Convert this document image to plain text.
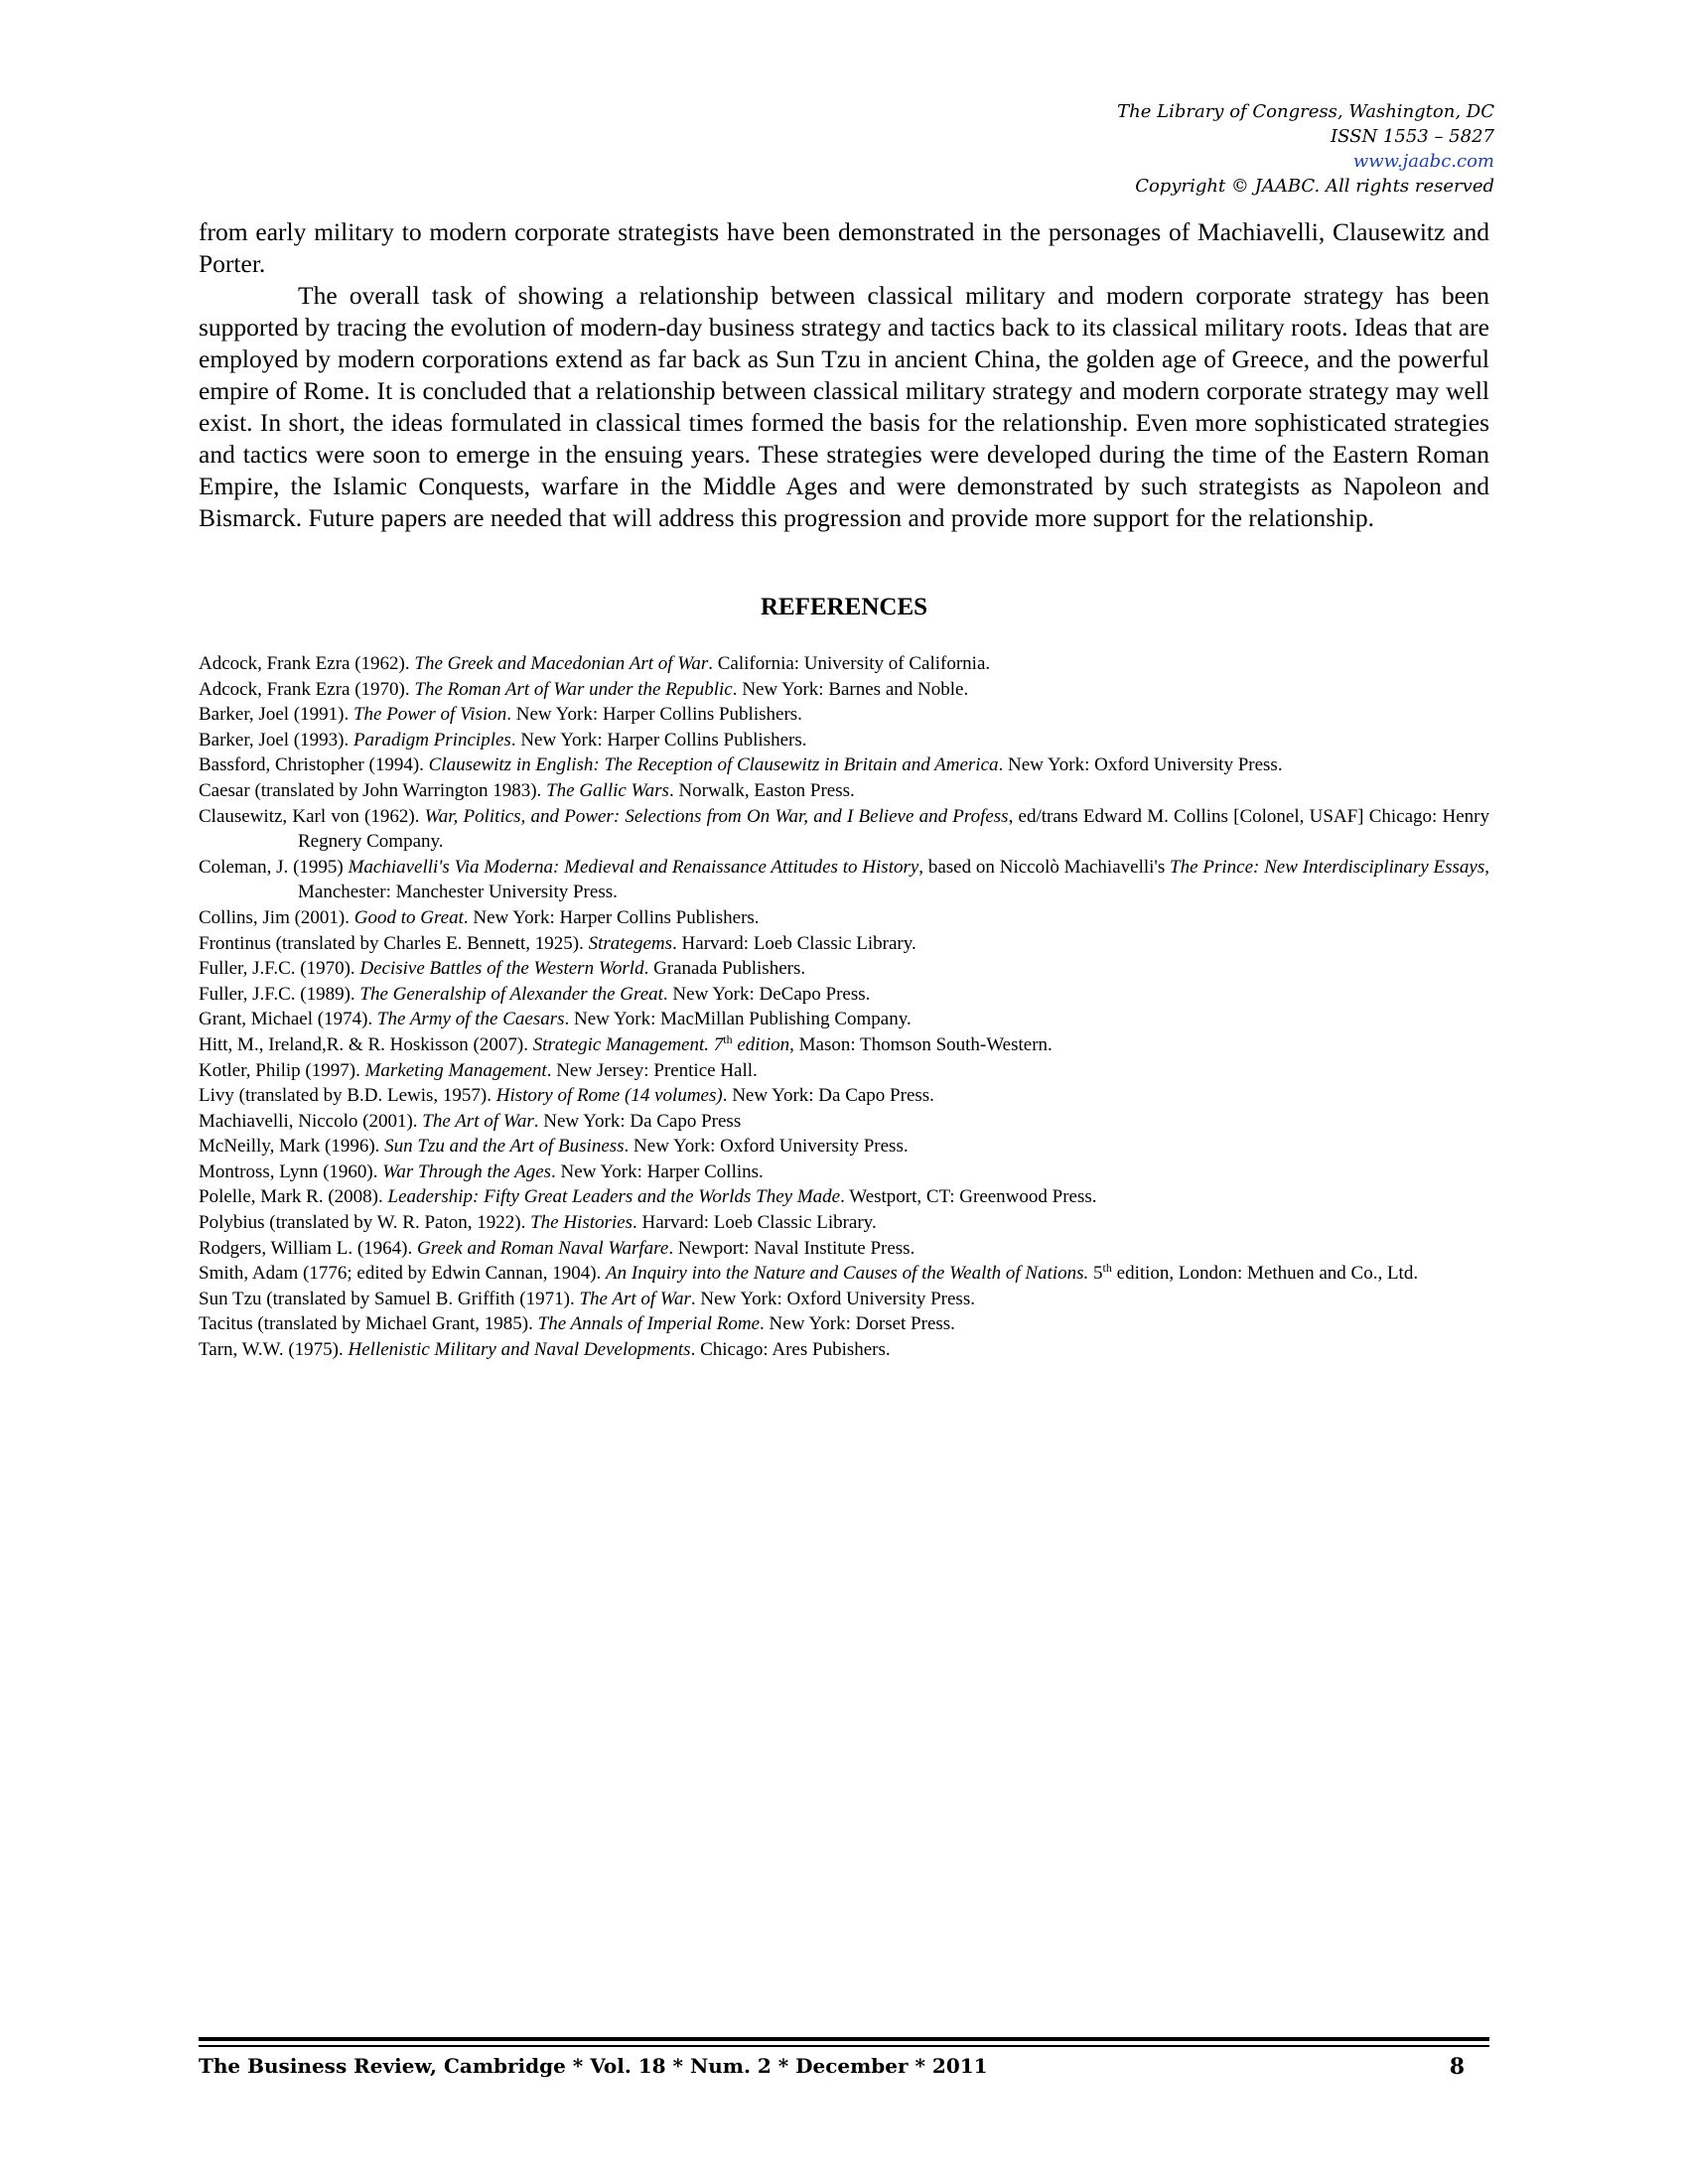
The Library of Congress, Washington, DC
ISSN 1553 – 5827
www.jaabc.com
Copyright © JAABC. All rights reserved

from early military to modern corporate strategists have been demonstrated in the personages of Machiavelli, Clausewitz and Porter.

The overall task of showing a relationship between classical military and modern corporate strategy has been supported by tracing the evolution of modern-day business strategy and tactics back to its classical military roots. Ideas that are employed by modern corporations extend as far back as Sun Tzu in ancient China, the golden age of Greece, and the powerful empire of Rome. It is concluded that a relationship between classical military strategy and modern corporate strategy may well exist. In short, the ideas formulated in classical times formed the basis for the relationship. Even more sophisticated strategies and tactics were soon to emerge in the ensuing years. These strategies were developed during the time of the Eastern Roman Empire, the Islamic Conquests, warfare in the Middle Ages and were demonstrated by such strategists as Napoleon and Bismarck. Future papers are needed that will address this progression and provide more support for the relationship.

REFERENCES
Adcock, Frank Ezra (1962). The Greek and Macedonian Art of War. California: University of California.
Adcock, Frank Ezra (1970). The Roman Art of War under the Republic. New York: Barnes and Noble.
Barker, Joel (1991). The Power of Vision. New York: Harper Collins Publishers.
Barker, Joel (1993). Paradigm Principles. New York: Harper Collins Publishers.
Bassford, Christopher (1994). Clausewitz in English: The Reception of Clausewitz in Britain and America. New York: Oxford University Press.
Caesar (translated by John Warrington 1983). The Gallic Wars. Norwalk, Easton Press.
Clausewitz, Karl von (1962). War, Politics, and Power: Selections from On War, and I Believe and Profess, ed/trans Edward M. Collins [Colonel, USAF] Chicago: Henry Regnery Company.
Coleman, J. (1995) Machiavelli's Via Moderna: Medieval and Renaissance Attitudes to History, based on Niccolò Machiavelli's The Prince: New Interdisciplinary Essays, Manchester: Manchester University Press.
Collins, Jim (2001). Good to Great. New York: Harper Collins Publishers.
Frontinus (translated by Charles E. Bennett, 1925). Strategems. Harvard: Loeb Classic Library.
Fuller, J.F.C. (1970). Decisive Battles of the Western World. Granada Publishers.
Fuller, J.F.C. (1989). The Generalship of Alexander the Great. New York: DeCapo Press.
Grant, Michael (1974). The Army of the Caesars. New York: MacMillan Publishing Company.
Hitt, M., Ireland,R. & R. Hoskisson (2007). Strategic Management. 7th edition, Mason: Thomson South-Western.
Kotler, Philip (1997). Marketing Management. New Jersey: Prentice Hall.
Livy (translated by B.D. Lewis, 1957). History of Rome (14 volumes). New York: Da Capo Press.
Machiavelli, Niccolo (2001). The Art of War. New York: Da Capo Press
McNeilly, Mark (1996). Sun Tzu and the Art of Business. New York: Oxford University Press.
Montross, Lynn (1960). War Through the Ages. New York: Harper Collins.
Polelle, Mark R. (2008). Leadership: Fifty Great Leaders and the Worlds They Made. Westport, CT: Greenwood Press.
Polybius (translated by W. R. Paton, 1922). The Histories. Harvard: Loeb Classic Library.
Rodgers, William L. (1964). Greek and Roman Naval Warfare. Newport: Naval Institute Press.
Smith, Adam (1776; edited by Edwin Cannan, 1904). An Inquiry into the Nature and Causes of the Wealth of Nations. 5th edition, London: Methuen and Co., Ltd.
Sun Tzu (translated by Samuel B. Griffith (1971). The Art of War. New York: Oxford University Press.
Tacitus (translated by Michael Grant, 1985). The Annals of Imperial Rome. New York: Dorset Press.
Tarn, W.W. (1975). Hellenistic Military and Naval Developments. Chicago: Ares Pubishers.
The Business Review, Cambridge * Vol. 18 * Num. 2 * December * 2011	8
